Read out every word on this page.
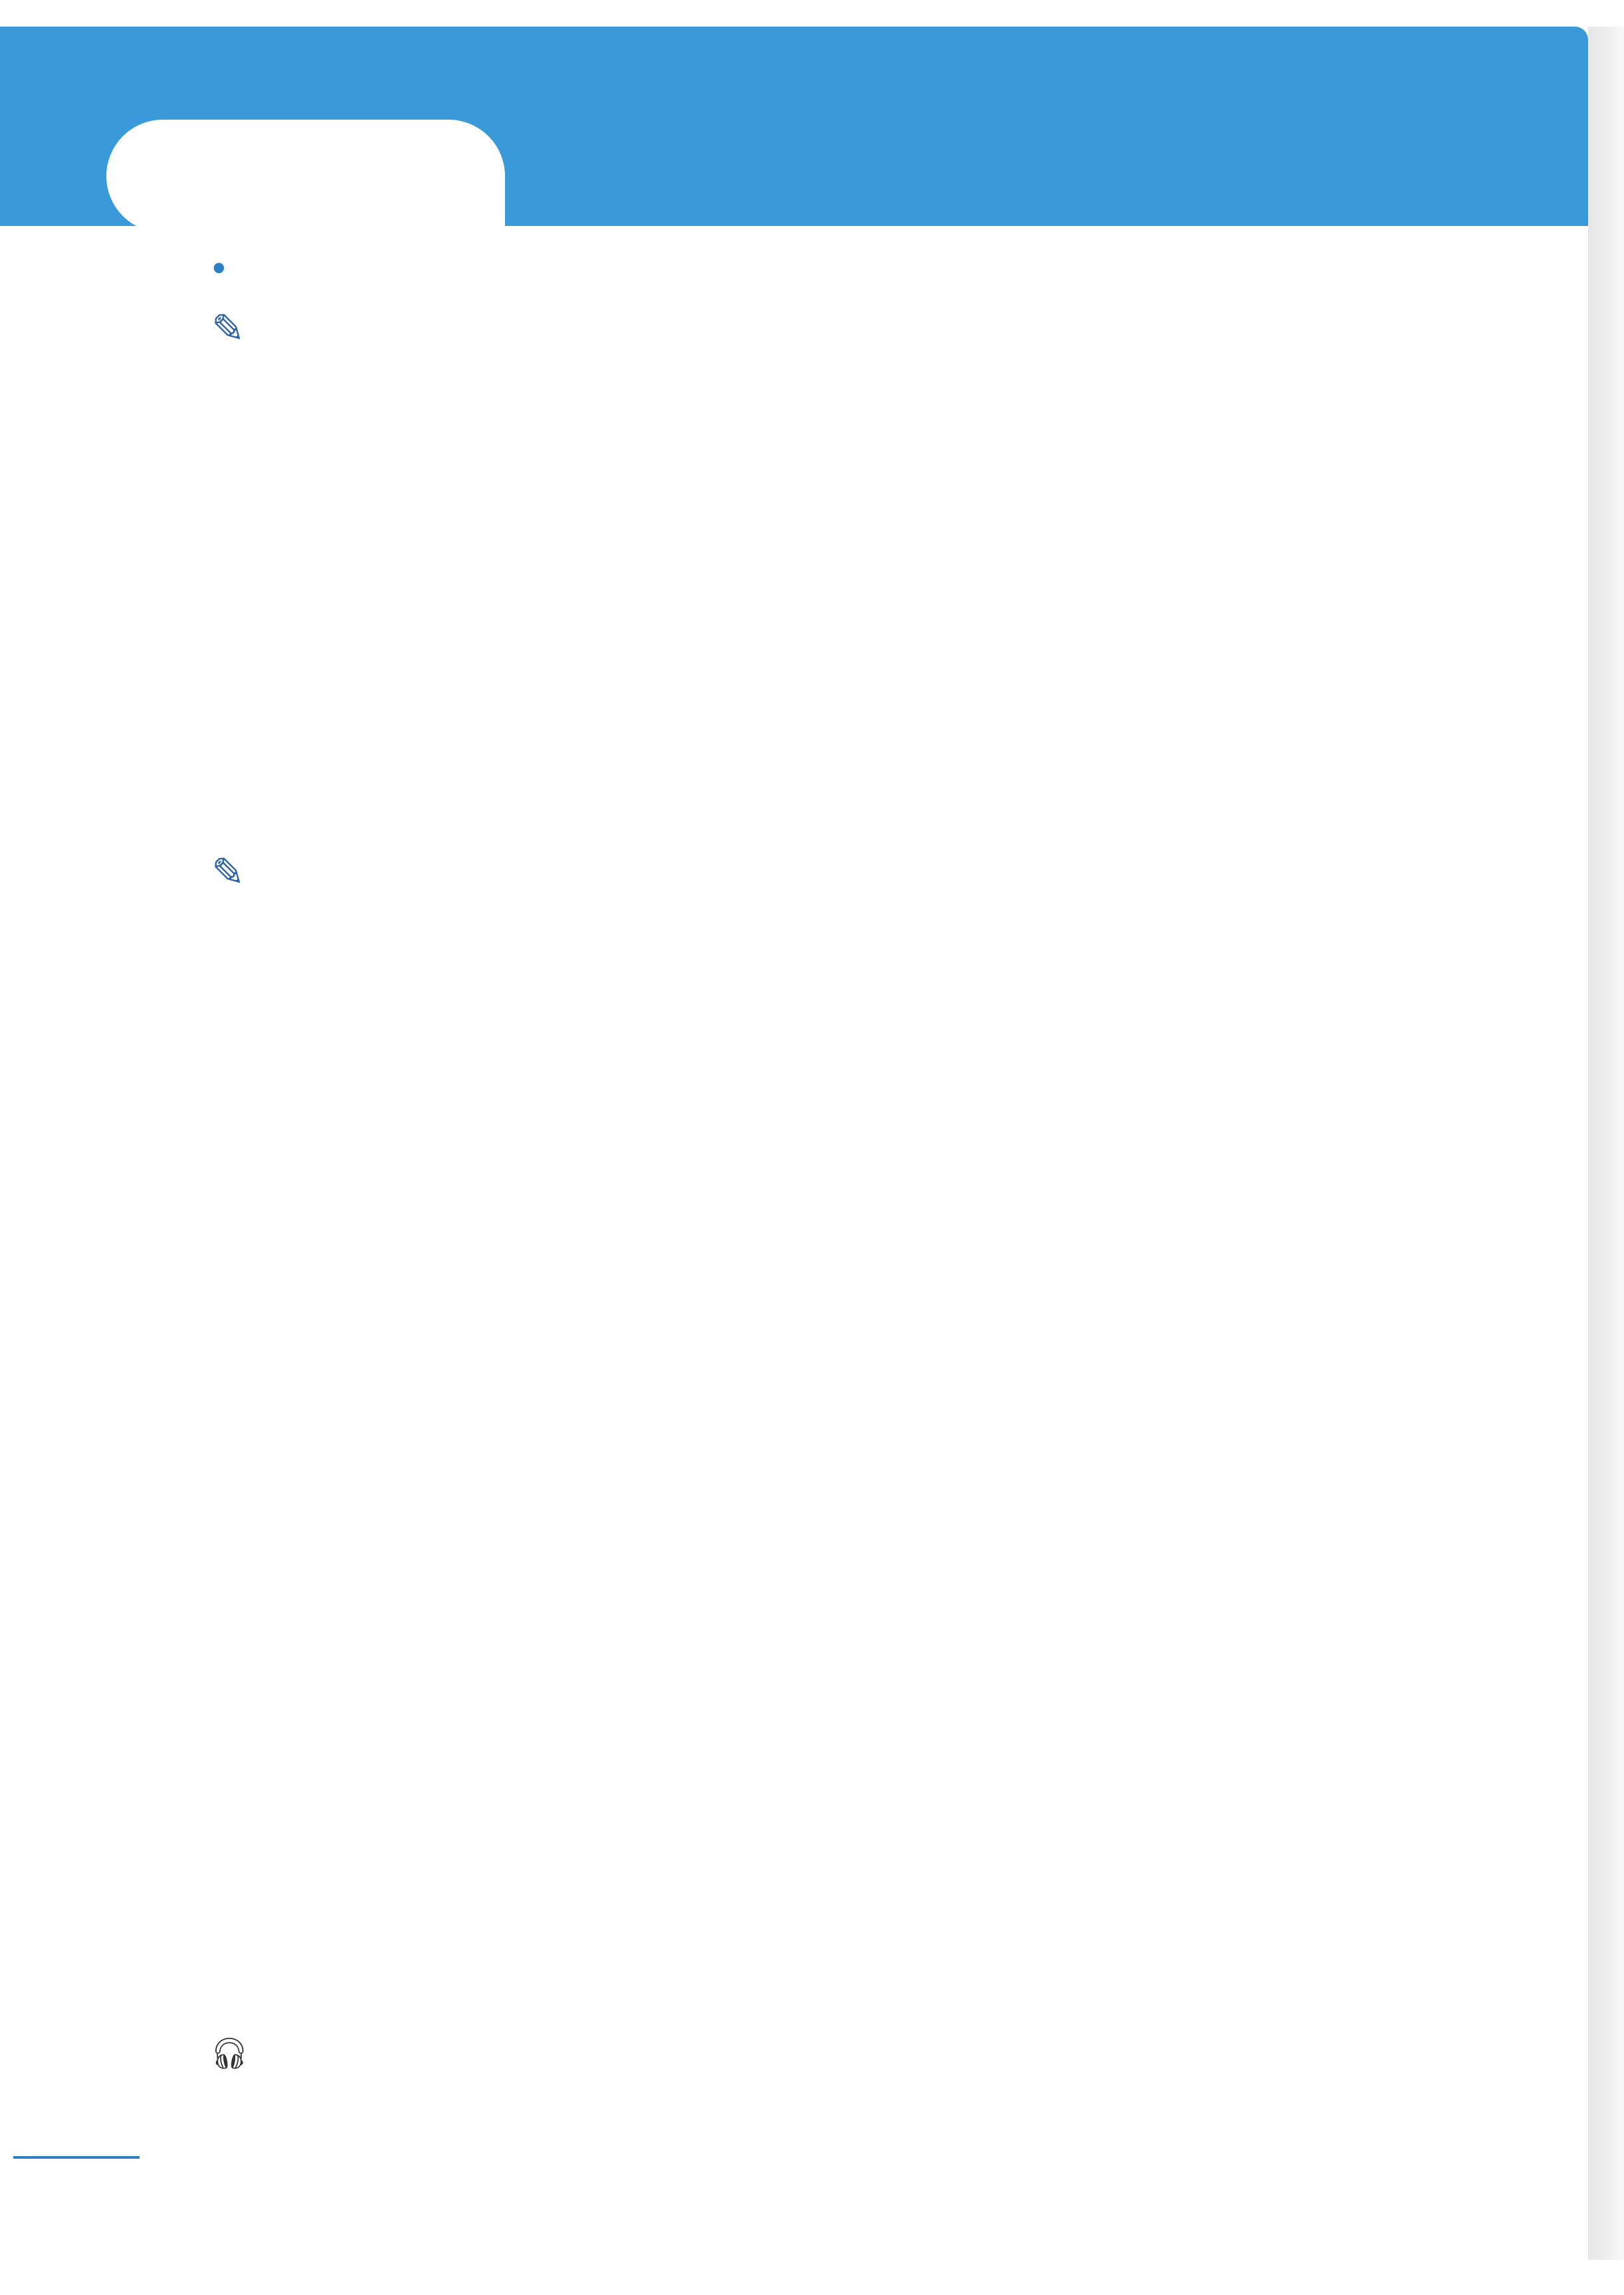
•
✎
✎
🎧︎
